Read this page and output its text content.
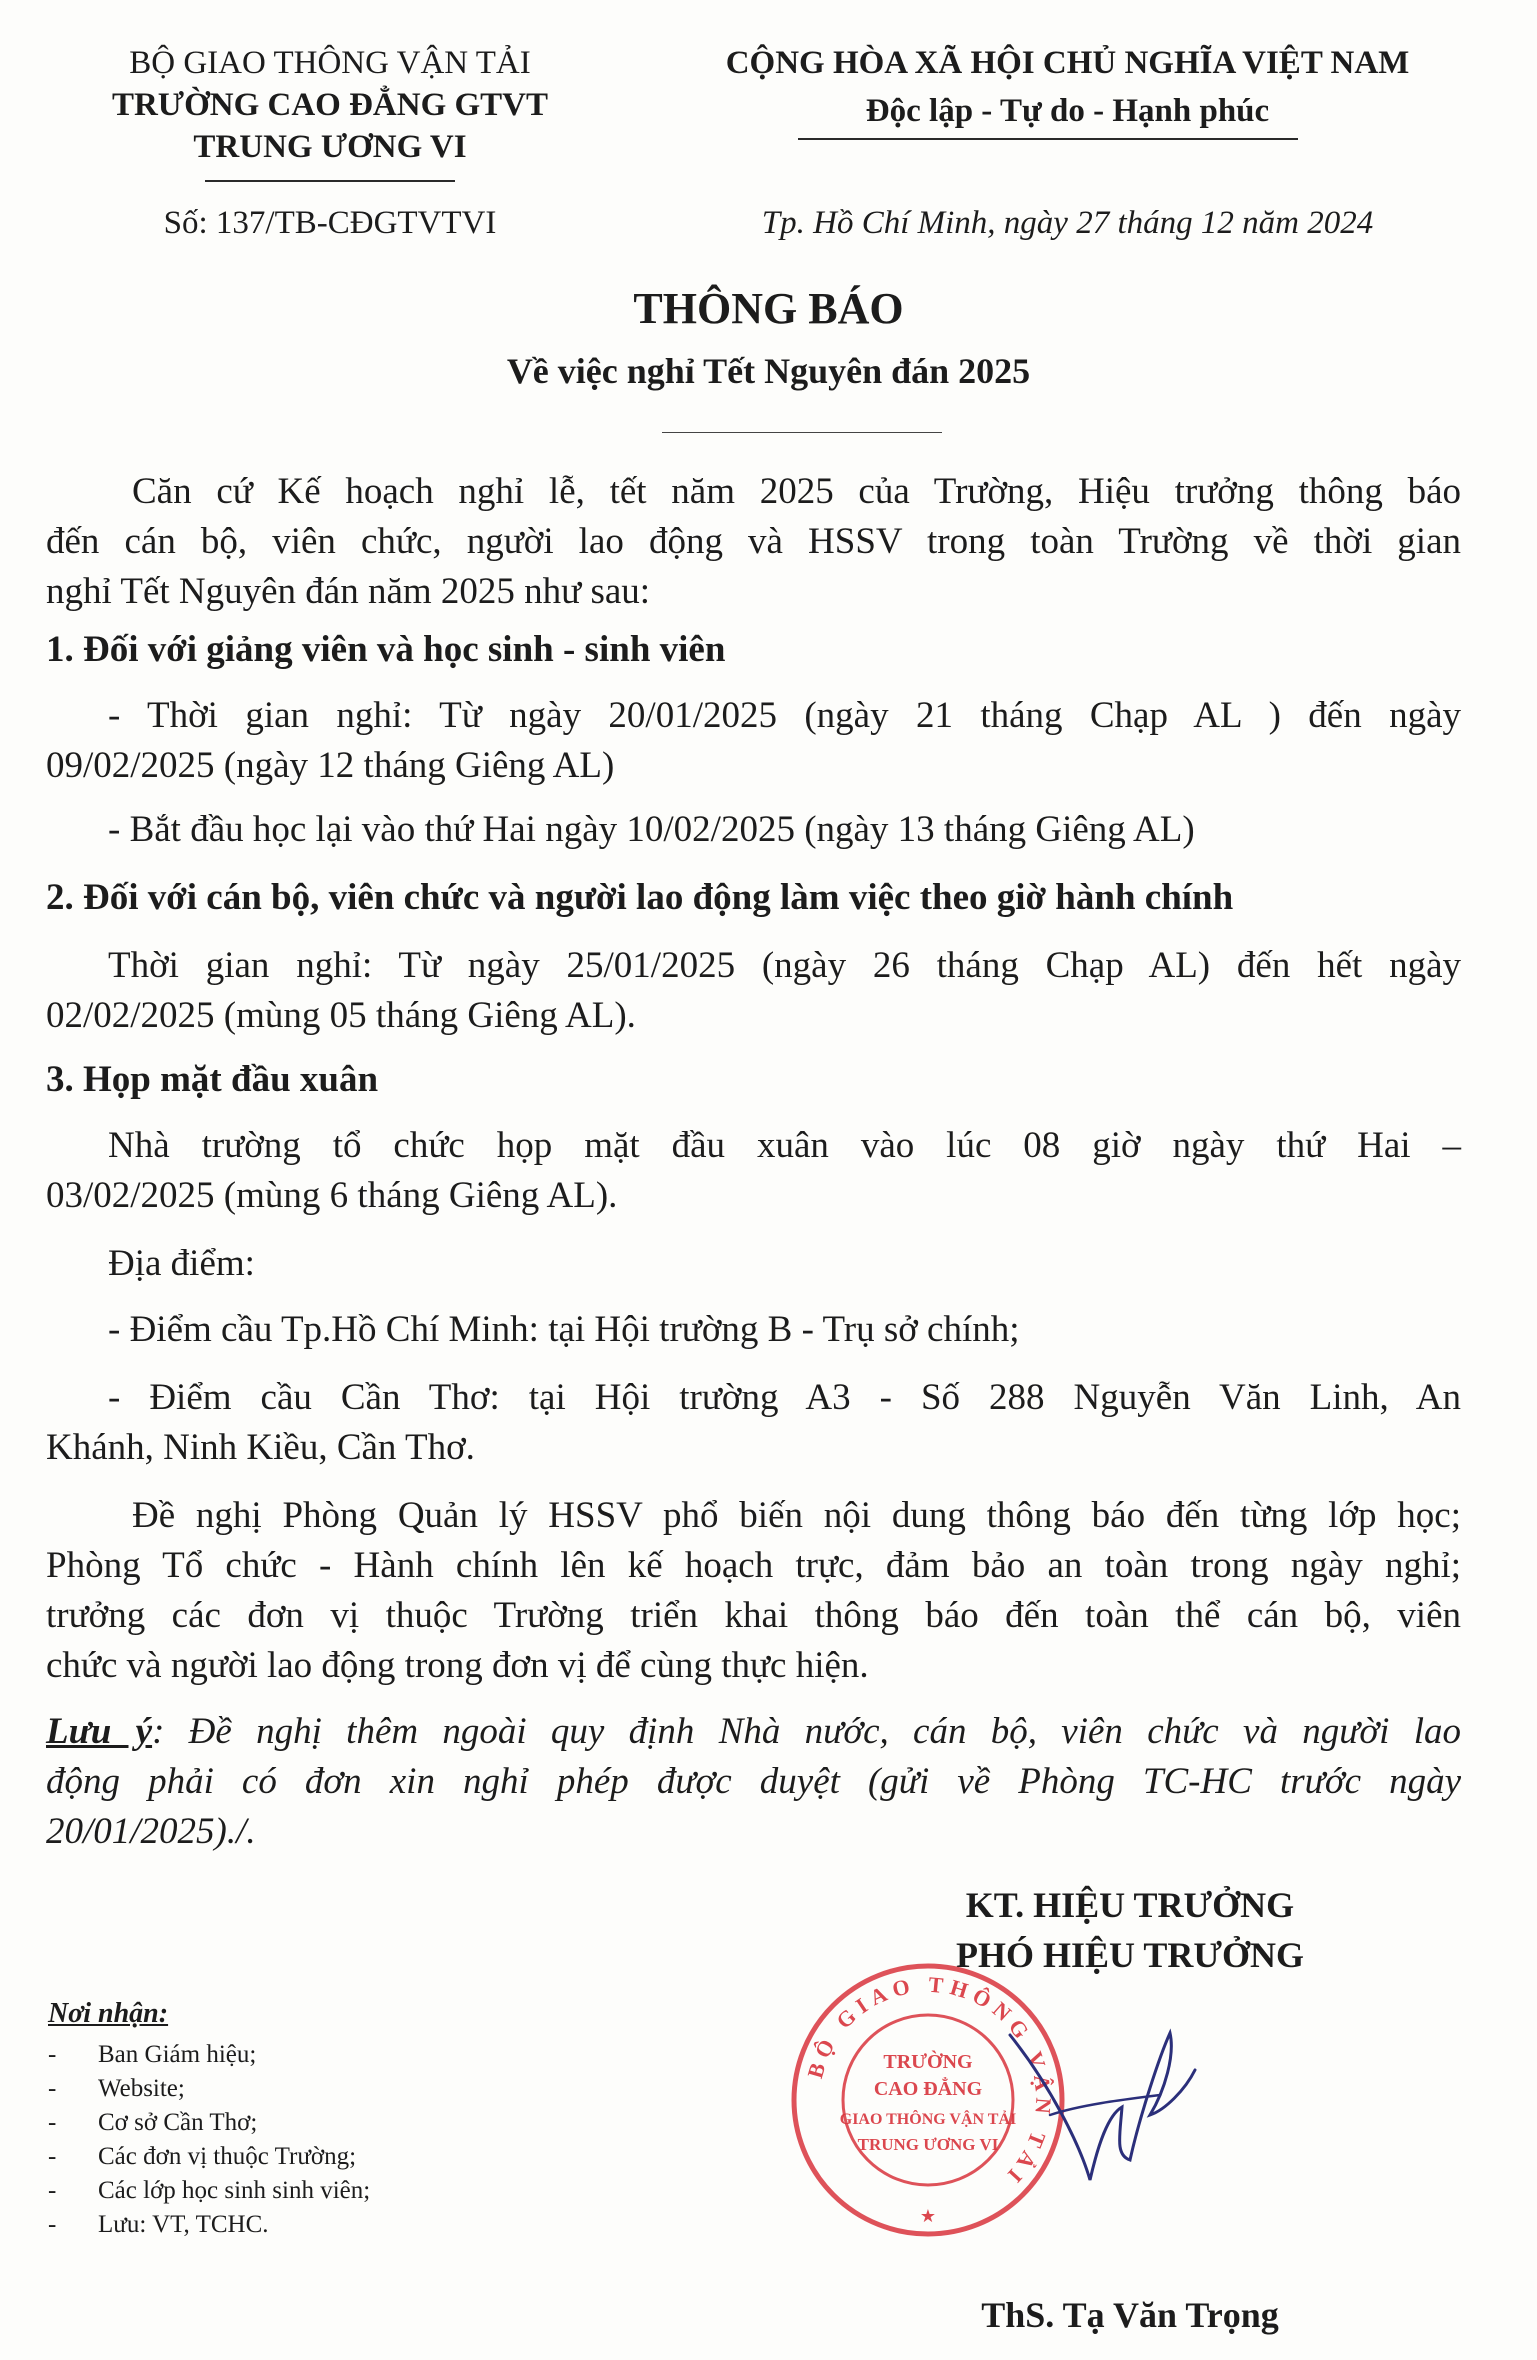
BỘ GIAO THÔNG VẬN TẢI
TRƯỜNG CAO ĐẲNG GTVT
TRUNG ƯƠNG VI
Số: 137/TB-CĐGTVTVI
CỘNG HÒA XÃ HỘI CHỦ NGHĨA VIỆT NAM
Độc lập - Tự do - Hạnh phúc
Tp. Hồ Chí Minh, ngày 27 tháng 12 năm 2024
THÔNG BÁO
Về việc nghỉ Tết Nguyên đán 2025
Căn cứ Kế hoạch nghỉ lễ, tết năm 2025 của Trường, Hiệu trưởng thông báo
đến cán bộ, viên chức, người lao động và HSSV trong toàn Trường về thời gian
nghỉ Tết Nguyên đán năm 2025 như sau:
1. Đối với giảng viên và học sinh - sinh viên
- Thời gian nghỉ: Từ ngày 20/01/2025 (ngày 21 tháng Chạp AL ) đến ngày
09/02/2025 (ngày 12 tháng Giêng AL)
- Bắt đầu học lại vào thứ Hai ngày 10/02/2025 (ngày 13 tháng Giêng AL)
2. Đối với cán bộ, viên chức và người lao động làm việc theo giờ hành chính
Thời gian nghỉ: Từ ngày 25/01/2025 (ngày 26 tháng Chạp AL) đến hết ngày
02/02/2025 (mùng 05 tháng Giêng AL).
3. Họp mặt đầu xuân
Nhà trường tổ chức họp mặt đầu xuân vào lúc 08 giờ ngày thứ Hai –
03/02/2025 (mùng 6 tháng Giêng AL).
Địa điểm:
- Điểm cầu Tp.Hồ Chí Minh: tại Hội trường B - Trụ sở chính;
- Điểm cầu Cần Thơ: tại Hội trường A3 - Số 288 Nguyễn Văn Linh, An
Khánh, Ninh Kiều, Cần Thơ.
Đề nghị Phòng Quản lý HSSV phổ biến nội dung thông báo đến từng lớp học;
Phòng Tổ chức - Hành chính lên kế hoạch trực, đảm bảo an toàn trong ngày nghỉ;
trưởng các đơn vị thuộc Trường triển khai thông báo đến toàn thể cán bộ, viên
chức và người lao động trong đơn vị để cùng thực hiện.
Lưu ý: Đề nghị thêm ngoài quy định Nhà nước, cán bộ, viên chức và người lao
động phải có đơn xin nghỉ phép được duyệt (gửi về Phòng TC-HC trước ngày
20/01/2025)./.
KT. HIỆU TRƯỞNG
PHÓ HIỆU TRƯỞNG
BỘ GIAO THÔNG VẬN TẢI
TRƯỜNG
CAO ĐẲNG
GIAO THÔNG VẬN TẢI
TRUNG ƯƠNG VI
★
ThS. Tạ Văn Trọng
Nơi nhận:
- Ban Giám hiệu;
- Website;
- Cơ sở Cần Thơ;
- Các đơn vị thuộc Trường;
- Các lớp học sinh sinh viên;
- Lưu: VT, TCHC.
